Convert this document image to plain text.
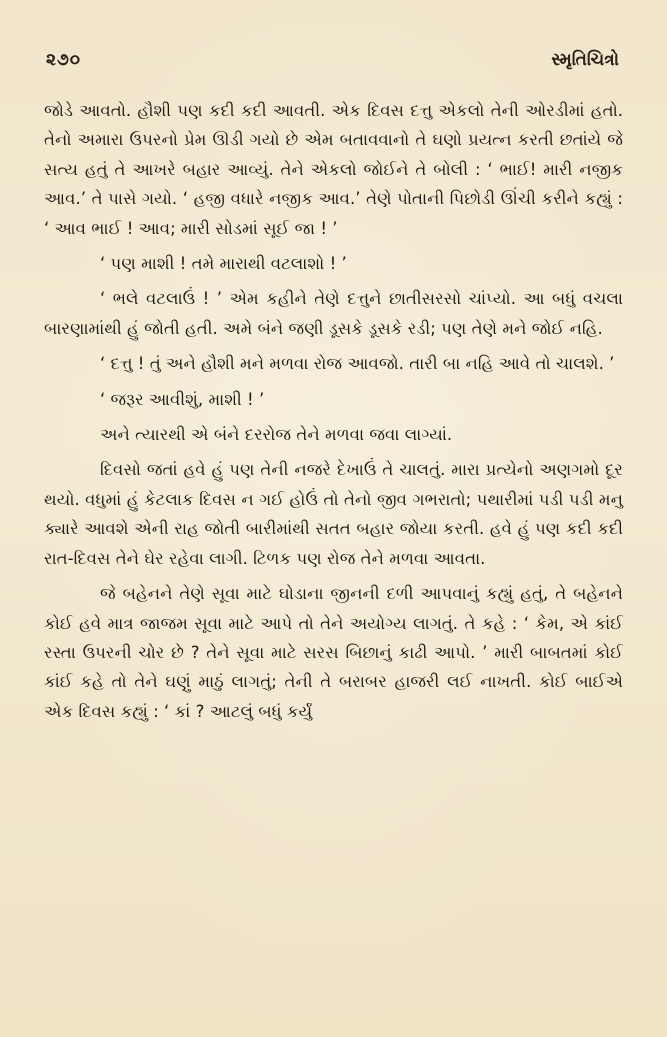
૨૭૦	સ્મૃતિચિત્રો

જોડે આવતો. હૌશી પણ કદી કદી આવતી. એક દિવસ દત્તુ એકલો તેની ઓરડીમાં હતો. તેનો અમારા ઉપરનો પ્રેમ ઊડી ગયો છે એમ બતાવવાનો તે ઘણો પ્રયત્ન કરતી છતાંયે જે સત્ય હતું તે આખરે બહાર આવ્યું. તેને એકલો જોઈને તે બોલી : ‘ ભાઈ! મારી નજીક આવ.’ તે પાસે ગયો. ‘ હજી વધારે નજીક આવ.’ તેણે પોતાની પિછોડી ઊંચી કરીને કહ્યું : ‘ આવ ભાઈ ! આવ; મારી સોડમાં સૂઈ જા ! ’

‘ પણ માશી ! તમે મારાથી વટલાશો ! ’

‘ ભલે વટલાઉં ! ’ એમ કહીને તેણે દત્તુને છાતીસરસો ચાંપ્યો. આ બધું વચલા બારણામાંથી હું જોતી હતી. અમે બંને જણી ડૂસકે ડૂસકે રડી; પણ તેણે મને જોઈ નહિ.

‘ દત્તુ ! તું અને હૌશી મને મળવા રોજ આવજો. તારી બા નહિ આવે તો ચાલશે. ’

‘ જરૂર આવીશું, માશી ! ’

અને ત્યારથી એ બંને દરરોજ તેને મળવા જવા લાગ્યાં.

દિવસો જતાં હવે હું પણ તેની નજરે દેખાઉં તે ચાલતું. મારા પ્રત્યેનો અણગમો દૂર થયો. વધુમાં હું કેટલાક દિવસ ન ગઈ હોઉં તો તેનો જીવ ગભરાતો; પથારીમાં પડી પડી મનુ ક્યારે આવશે એની રાહ જોતી બારીમાંથી સતત બહાર જોયા કરતી. હવે હું પણ કદી કદી રાત-દિવસ તેને ઘેર રહેવા લાગી. ટિળક પણ રોજ તેને મળવા આવતા.

જે બહેનને તેણે સૂવા માટે ઘોડાના જીનની દળી આપવાનું કહ્યું હતું, તે બહેનને કોઈ હવે માત્ર જાજમ સૂવા માટે આપે તો તેને અયોગ્ય લાગતું. તે કહે : ‘ કેમ, એ કાંઈ રસ્તા ઉપરની ચોર છે ? તેને સૂવા માટે સરસ બિછાનું કાઢી આપો. ’ મારી બાબતમાં કોઈ કાંઈ કહે તો તેને ઘણું માઠું લાગતું; તેની તે બરાબર હાજરી લઈ નાખતી. કોઈ બાઈએ એક દિવસ કહ્યું : ‘ કાં ? આટલું બધું કર્યું
